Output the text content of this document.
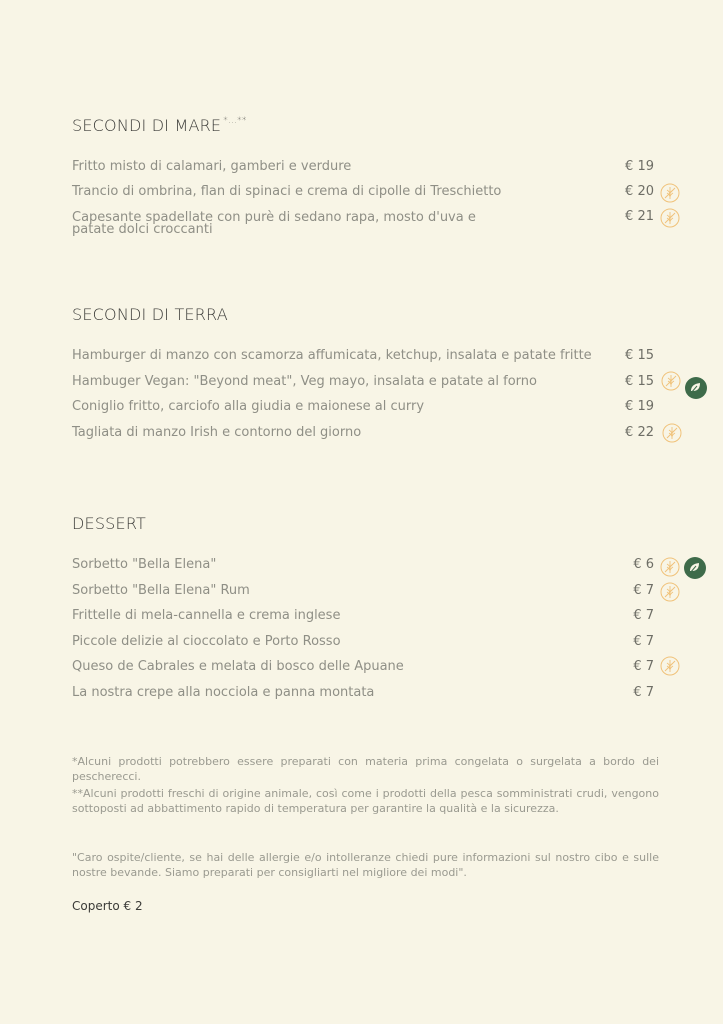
SECONDI DI MARE *...**
Fritto misto di calamari, gamberi e verdure	€ 19
Trancio di ombrina, flan di spinaci e crema di cipolle di Treschietto	€ 20
Capesante spadellate con purè di sedano rapa, mosto d'uva e
patate dolci croccanti
€ 21
SECONDI DI TERRA
Hamburger di manzo con scamorza affumicata, ketchup, insalata e patate fritte	€ 15
Hambuger Vegan: "Beyond meat", Veg mayo, insalata e patate al forno	€ 15
Coniglio fritto, carciofo alla giudia e maionese al curry	€ 19
Tagliata di manzo Irish e contorno del giorno	€ 22
DESSERT
Sorbetto "Bella Elena"	€ 6
Sorbetto "Bella Elena" Rum	€ 7
Frittelle di mela-cannella e crema inglese	€ 7
Piccole delizie al cioccolato e Porto Rosso	€ 7
Queso de Cabrales e melata di bosco delle Apuane	€ 7
La nostra crepe alla nocciola e panna montata	€ 7
*Alcuni prodotti potrebbero essere preparati con materia prima congelata o surgelata a bordo dei pescherecci.
**Alcuni prodotti freschi di origine animale, così come i prodotti della pesca somministrati crudi, vengono sottoposti ad abbattimento rapido di temperatura per garantire la qualità e la sicurezza.
"Caro ospite/cliente, se hai delle allergie e/o intolleranze chiedi pure informazioni sul nostro cibo e sulle nostre bevande. Siamo preparati per consigliarti nel migliore dei modi".
Coperto € 2
